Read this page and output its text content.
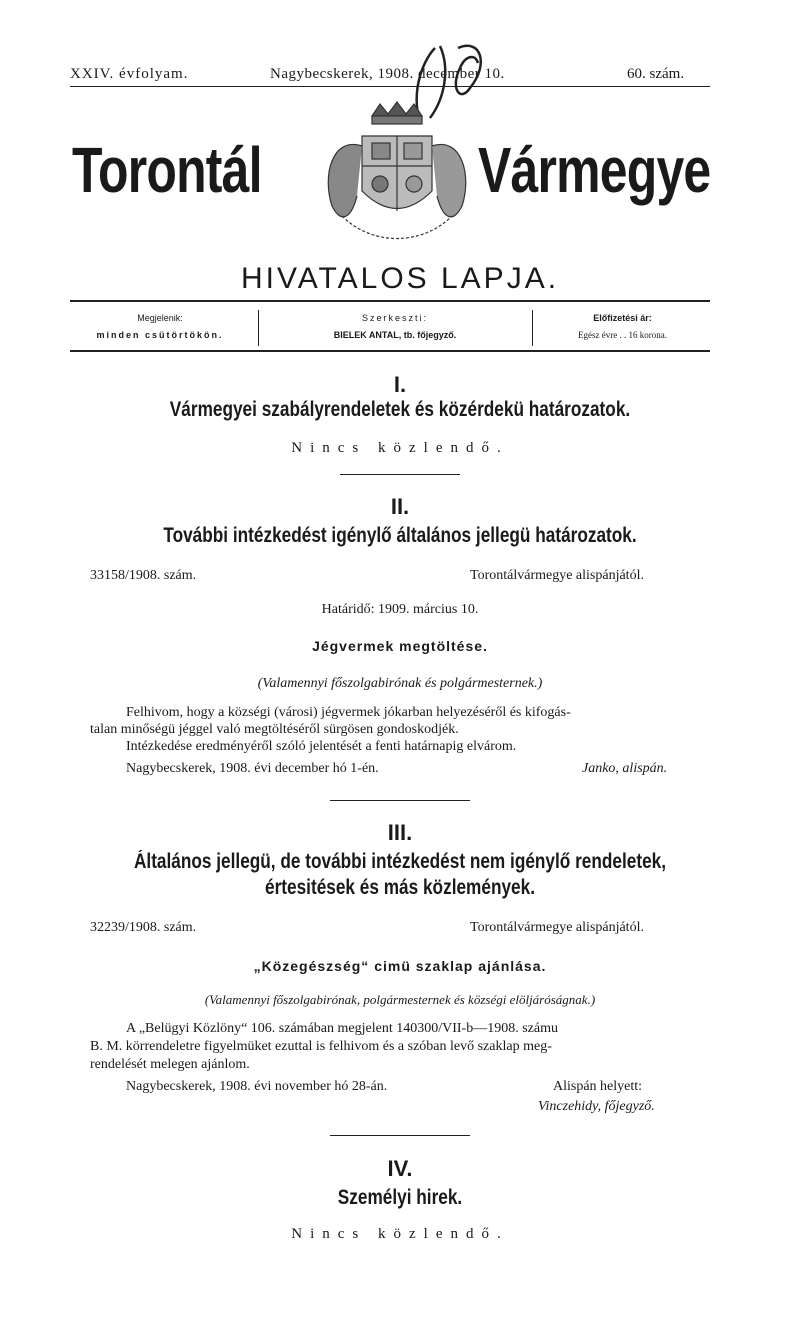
XXIV. évfolyam.	Nagybecskerek, 1908. december 10.	60. szám.
Torontál	Vármegye
HIVATALOS LAPJA.
Megjelenik:
minden csütörtökön.
Szerkeszti:
BIELEK ANTAL, tb. főjegyző.
Előfizetési ár:
Egész évre . . 16 korona.
I.
Vármegyei szabályrendeletek és közérdekü határozatok.
Nincs közlendő.
II.
További intézkedést igénylő általános jellegü határozatok.
33158/1908. szám.	Torontálvármegye alispánjától.
Határidő: 1909. március 10.
Jégvermek megtöltése.
(Valamennyi főszolgabirónak és polgármesternek.)
Felhivom, hogy a községi (városi) jégvermek jókarban helyezéséről és kifogás-
talan minőségü jéggel való megtöltéséről sürgösen gondoskodjék.
Intézkedése eredményéről szóló jelentését a fenti határnapig elvárom.
Nagybecskerek, 1908. évi december hó 1-én.	Janko, alispán.
III.
Általános jellegü, de további intézkedést nem igénylő rendeletek,
értesitések és más közlemények.
32239/1908. szám.	Torontálvármegye alispánjától.
„Közegészség“ cimü szaklap ajánlása.
(Valamennyi főszolgabirónak, polgármesternek és községi elöljáróságnak.)
A „Belügyi Közlöny“ 106. számában megjelent 140300/VII-b—1908. számu
B. M. körrendeletre figyelmüket ezuttal is felhivom és a szóban levő szaklap meg-
rendelését melegen ajánlom.
Nagybecskerek, 1908. évi november hó 28-án.	Alispán helyett:
Vinczehidy, főjegyző.
IV.
Személyi hirek.
Nincs közlendő.
